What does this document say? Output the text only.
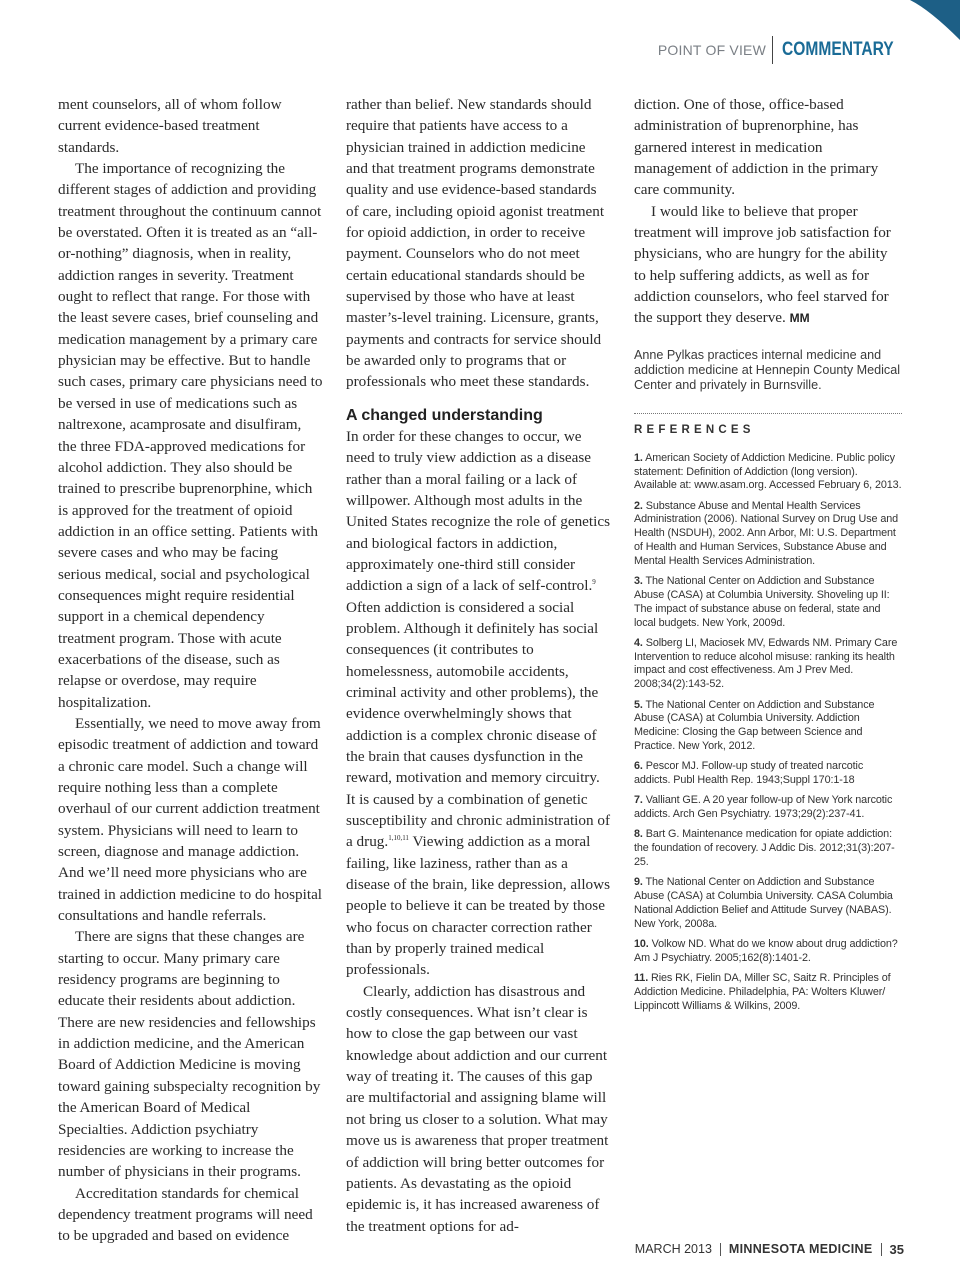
POINT OF VIEW COMMENTARY

ment counselors, all of whom follow current evidence-based treatment standards.

The importance of recognizing the different stages of addiction and providing treatment throughout the continuum cannot be overstated. Often it is treated as an “all-or-nothing” diagnosis, when in reality, addiction ranges in severity. Treatment ought to reflect that range. For those with the least severe cases, brief counseling and medication management by a primary care physician may be effective. But to handle such cases, primary care physicians need to be versed in use of medications such as naltrexone, acamprosate and disulfiram, the three FDA-approved medications for alcohol addiction. They also should be trained to prescribe buprenorphine, which is approved for the treatment of opioid addiction in an office setting. Patients with severe cases and who may be facing serious medical, social and psychological consequences might require residential support in a chemical dependency treatment program. Those with acute exacerbations of the disease, such as relapse or overdose, may require hospitalization.

Essentially, we need to move away from episodic treatment of addiction and toward a chronic care model. Such a change will require nothing less than a complete overhaul of our current addiction treatment system. Physicians will need to learn to screen, diagnose and manage addiction. And we’ll need more physicians who are trained in addiction medicine to do hospital consultations and handle referrals.

There are signs that these changes are starting to occur. Many primary care residency programs are beginning to educate their residents about addiction. There are new residencies and fellowships in addiction medicine, and the American Board of Addiction Medicine is moving toward gaining subspecialty recognition by the American Board of Medical Specialties. Addiction psychiatry residencies are working to increase the number of physicians in their programs.

Accreditation standards for chemical dependency treatment programs will need to be upgraded and based on evidence

rather than belief. New standards should require that patients have access to a physician trained in addiction medicine and that treatment programs demonstrate quality and use evidence-based standards of care, including opioid agonist treatment for opioid addiction, in order to receive payment. Counselors who do not meet certain educational standards should be supervised by those who have at least master’s-level training. Licensure, grants, payments and contracts for service should be awarded only to programs that or professionals who meet these standards.

A changed understanding

In order for these changes to occur, we need to truly view addiction as a disease rather than a moral failing or a lack of willpower. Although most adults in the United States recognize the role of genetics and biological factors in addiction, approximately one-third still consider addiction a sign of a lack of self-control.$^9$ Often addiction is considered a social problem. Although it definitely has social consequences (it contributes to homelessness, automobile accidents, criminal activity and other problems), the evidence overwhelmingly shows that addiction is a complex chronic disease of the brain that causes dysfunction in the reward, motivation and memory circuitry. It is caused by a combination of genetic susceptibility and chronic administration of a drug.$^{1,10,11}$ Viewing addiction as a moral failing, like laziness, rather than as a disease of the brain, like depression, allows people to believe it can be treated by those who focus on character correction rather than by properly trained medical professionals.

Clearly, addiction has disastrous and costly consequences. What isn’t clear is how to close the gap between our vast knowledge about addiction and our current way of treating it. The causes of this gap are multifactorial and assigning blame will not bring us closer to a solution. What may move us is awareness that proper treatment of addiction will bring better outcomes for patients. As devastating as the opioid epidemic is, it has increased awareness of the treatment options for ad-

diction. One of those, office-based administration of buprenorphine, has garnered interest in medication management of addiction in the primary care community.

I would like to believe that proper treatment will improve job satisfaction for physicians, who are hungry for the ability to help suffering addicts, as well as for addiction counselors, who feel starved for the support they deserve. MM

Anne Pylkas practices internal medicine and addiction medicine at Hennepin County Medical Center and privately in Burnsville.
REFERENCES
1. American Society of Addiction Medicine. Public policy statement: Definition of Addiction (long version). Available at: www.asam.org. Accessed February 6, 2013.
2. Substance Abuse and Mental Health Services Administration (2006). National Survey on Drug Use and Health (NSDUH), 2002. Ann Arbor, MI: U.S. Department of Health and Human Services, Substance Abuse and Mental Health Services Administration.
3. The National Center on Addiction and Substance Abuse (CASA) at Columbia University. Shoveling up II: The impact of substance abuse on federal, state and local budgets. New York, 2009d.
4. Solberg LI, Maciosek MV, Edwards NM. Primary Care Intervention to reduce alcohol misuse: ranking its health impact and cost effectiveness. Am J Prev Med. 2008;34(2):143-52.
5. The National Center on Addiction and Substance Abuse (CASA) at Columbia University. Addiction Medicine: Closing the Gap between Science and Practice. New York, 2012.
6. Pescor MJ. Follow-up study of treated narcotic addicts. Publ Health Rep. 1943;Suppl 170:1-18
7. Valliant GE. A 20 year follow-up of New York narcotic addicts. Arch Gen Psychiatry. 1973;29(2):237-41.
8. Bart G. Maintenance medication for opiate addiction: the foundation of recovery. J Addic Dis. 2012;31(3):207-25.
9. The National Center on Addiction and Substance Abuse (CASA) at Columbia University. CASA Columbia National Addiction Belief and Attitude Survey (NABAS). New York, 2008a.
10. Volkow ND. What do we know about drug addiction? Am J Psychiatry. 2005;162(8):1401-2.
11. Ries RK, Fielin DA, Miller SC, Saitz R. Principles of Addiction Medicine. Philadelphia, PA: Wolters Kluwer/ Lippincott Williams & Wilkins, 2009.
MARCH 2013 MINNESOTA MEDICINE 35
